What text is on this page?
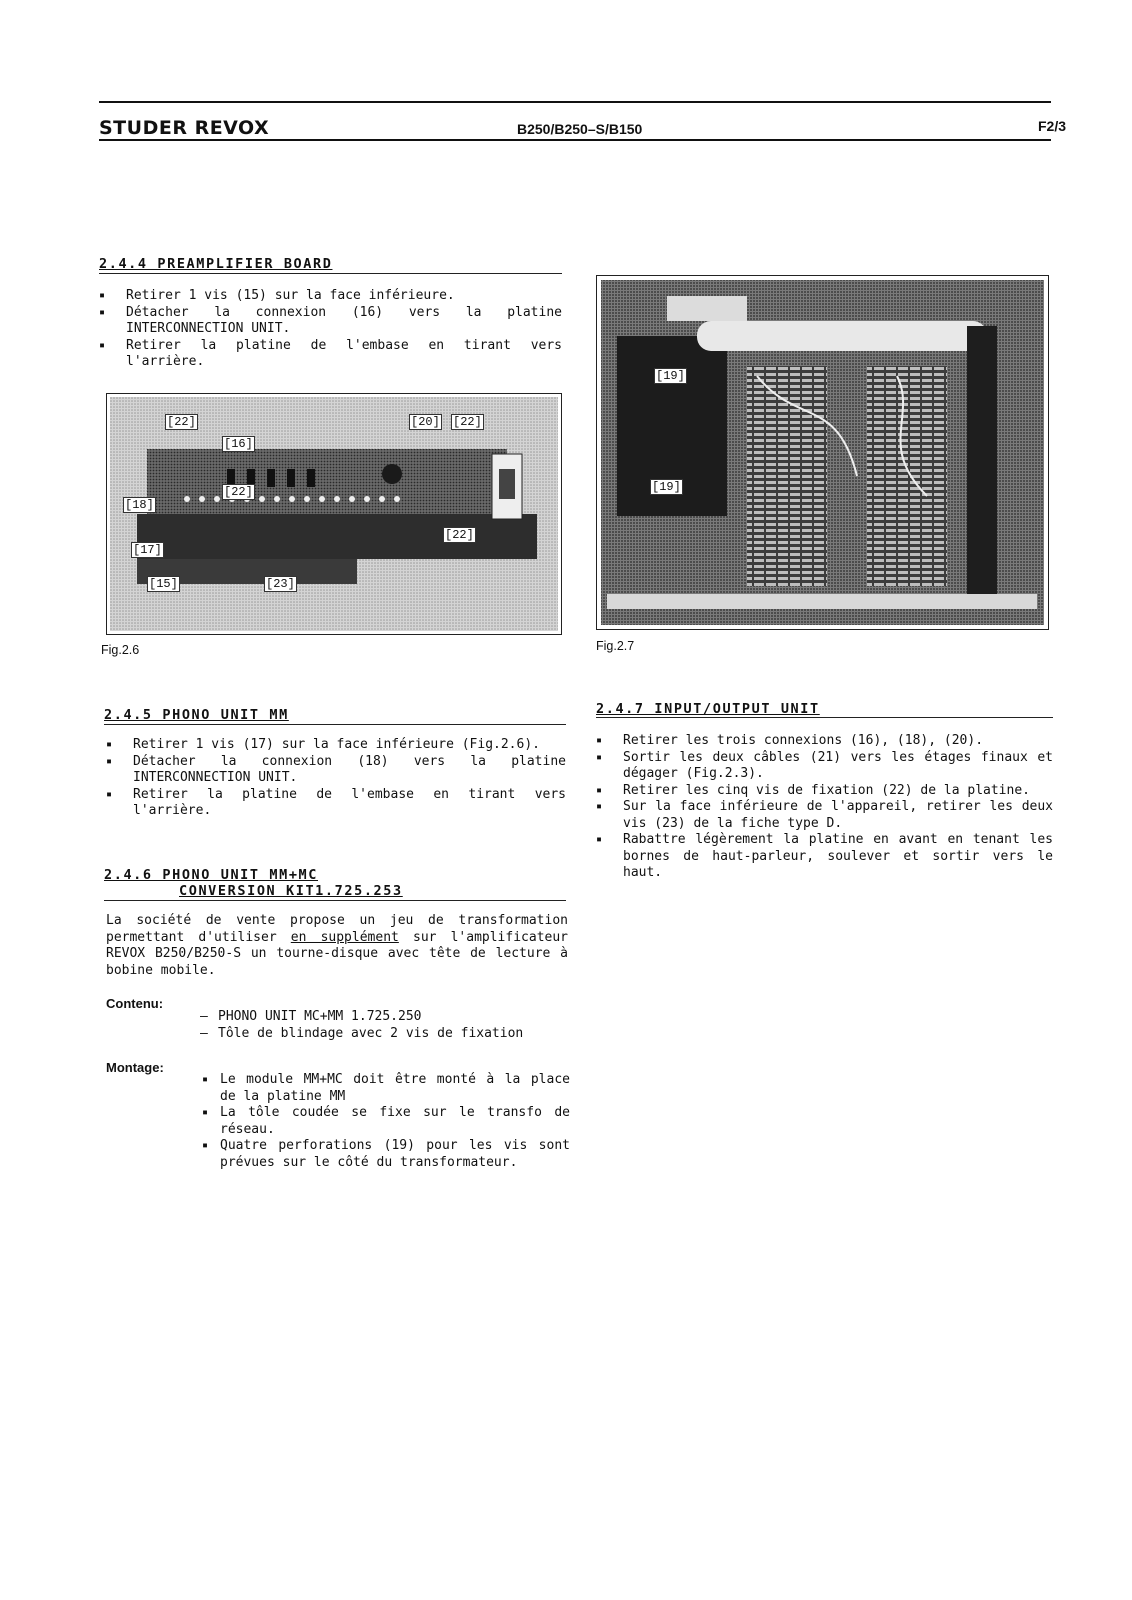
STUDER REVOX	B250/B250–S/B150	F2/3
2.4.4 PREAMPLIFIER BOARD
▪ Retirer 1 vis (15) sur la face inférieure.
▪ Détacher la connexion (16) vers la platine INTERCONNECTION UNIT.
▪ Retirer la platine de l'embase en tirant vers l'arrière.
[22]
[16]
[20] [22]
[18]
[22]
[22]
[17]
[15]	[23]
Fig.2.6
[19]
[19]
Fig.2.7
2.4.5 PHONO UNIT MM
▪ Retirer 1 vis (17) sur la face inférieure (Fig.2.6).
▪ Détacher la connexion (18) vers la platine INTERCONNECTION UNIT.
▪ Retirer la platine de l'embase en tirant vers l'arrière.
2.4.6 PHONO UNIT MM+MC
CONVERSION KIT1.725.253
La société de vente propose un jeu de transformation permettant d'utiliser en supplément sur l'amplificateur REVOX B250/B250-S un tourne-disque avec tête de lecture à bobine mobile.
Contenu:
– PHONO UNIT MC+MM 1.725.250
– Tôle de blindage avec 2 vis de fixation
Montage:
▪ Le module MM+MC doit être monté à la place de la platine MM
▪ La tôle coudée se fixe sur le transfo de réseau.
▪ Quatre perforations (19) pour les vis sont prévues sur le côté du transformateur.
2.4.7 INPUT/OUTPUT UNIT
▪ Retirer les trois connexions (16), (18), (20).
▪ Sortir les deux câbles (21) vers les étages finaux et dégager (Fig.2.3).
▪ Retirer les cinq vis de fixation (22) de la platine.
▪ Sur la face inférieure de l'appareil, retirer les deux vis (23) de la fiche type D.
▪ Rabattre légèrement la platine en avant en tenant les bornes de haut-parleur, soulever et sortir vers le haut.
